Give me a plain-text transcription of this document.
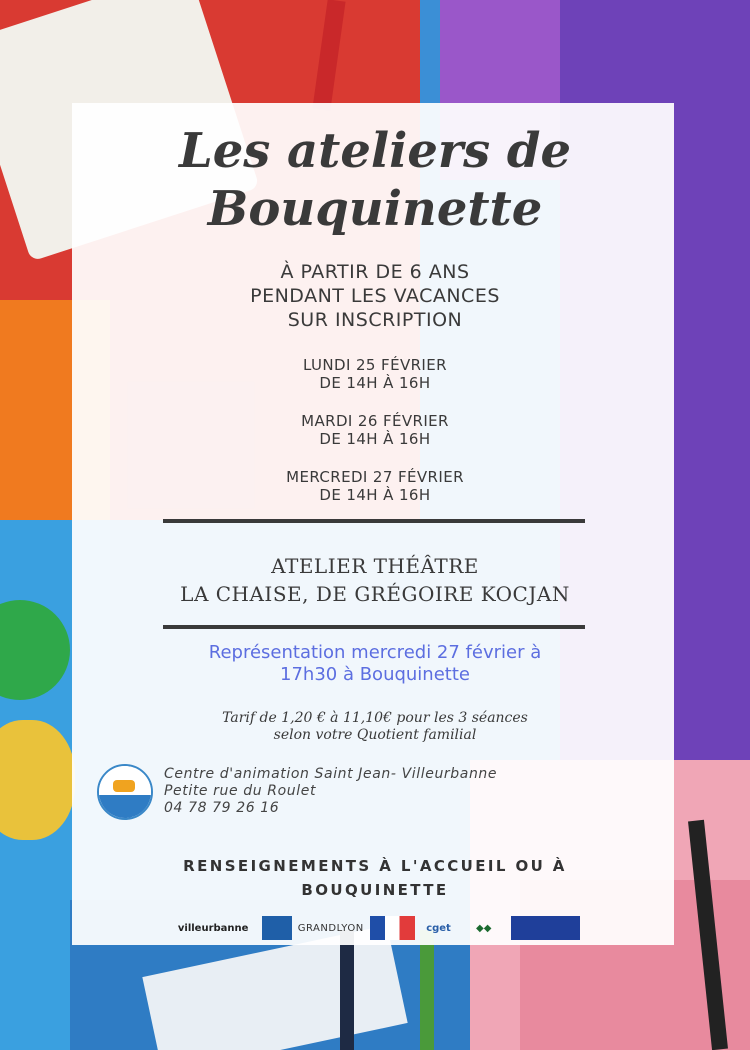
Les ateliers de
Bouquinette

À PARTIR DE 6 ANS
PENDANT LES VACANCES
SUR INSCRIPTION

LUNDI 25 FÉVRIER
DE 14H À 16H

MARDI 26 FÉVRIER
DE 14H À 16H

MERCREDI 27 FÉVRIER
DE 14H À 16H

ATELIER THÉÂTRE
LA CHAISE, DE GRÉGOIRE KOCJAN

Représentation mercredi 27 février à
17h30 à Bouquinette

Tarif de 1,20 € à 11,10€ pour les 3 séances
selon votre Quotient familial

Centre d'animation Saint Jean- Villeurbanne
Petite rue du Roulet
04 78 79 26 16

RENSEIGNEMENTS À L'ACCUEIL OU À
BOUQUINETTE

villeurbanne	GRANDLYON	cget	◆◆
